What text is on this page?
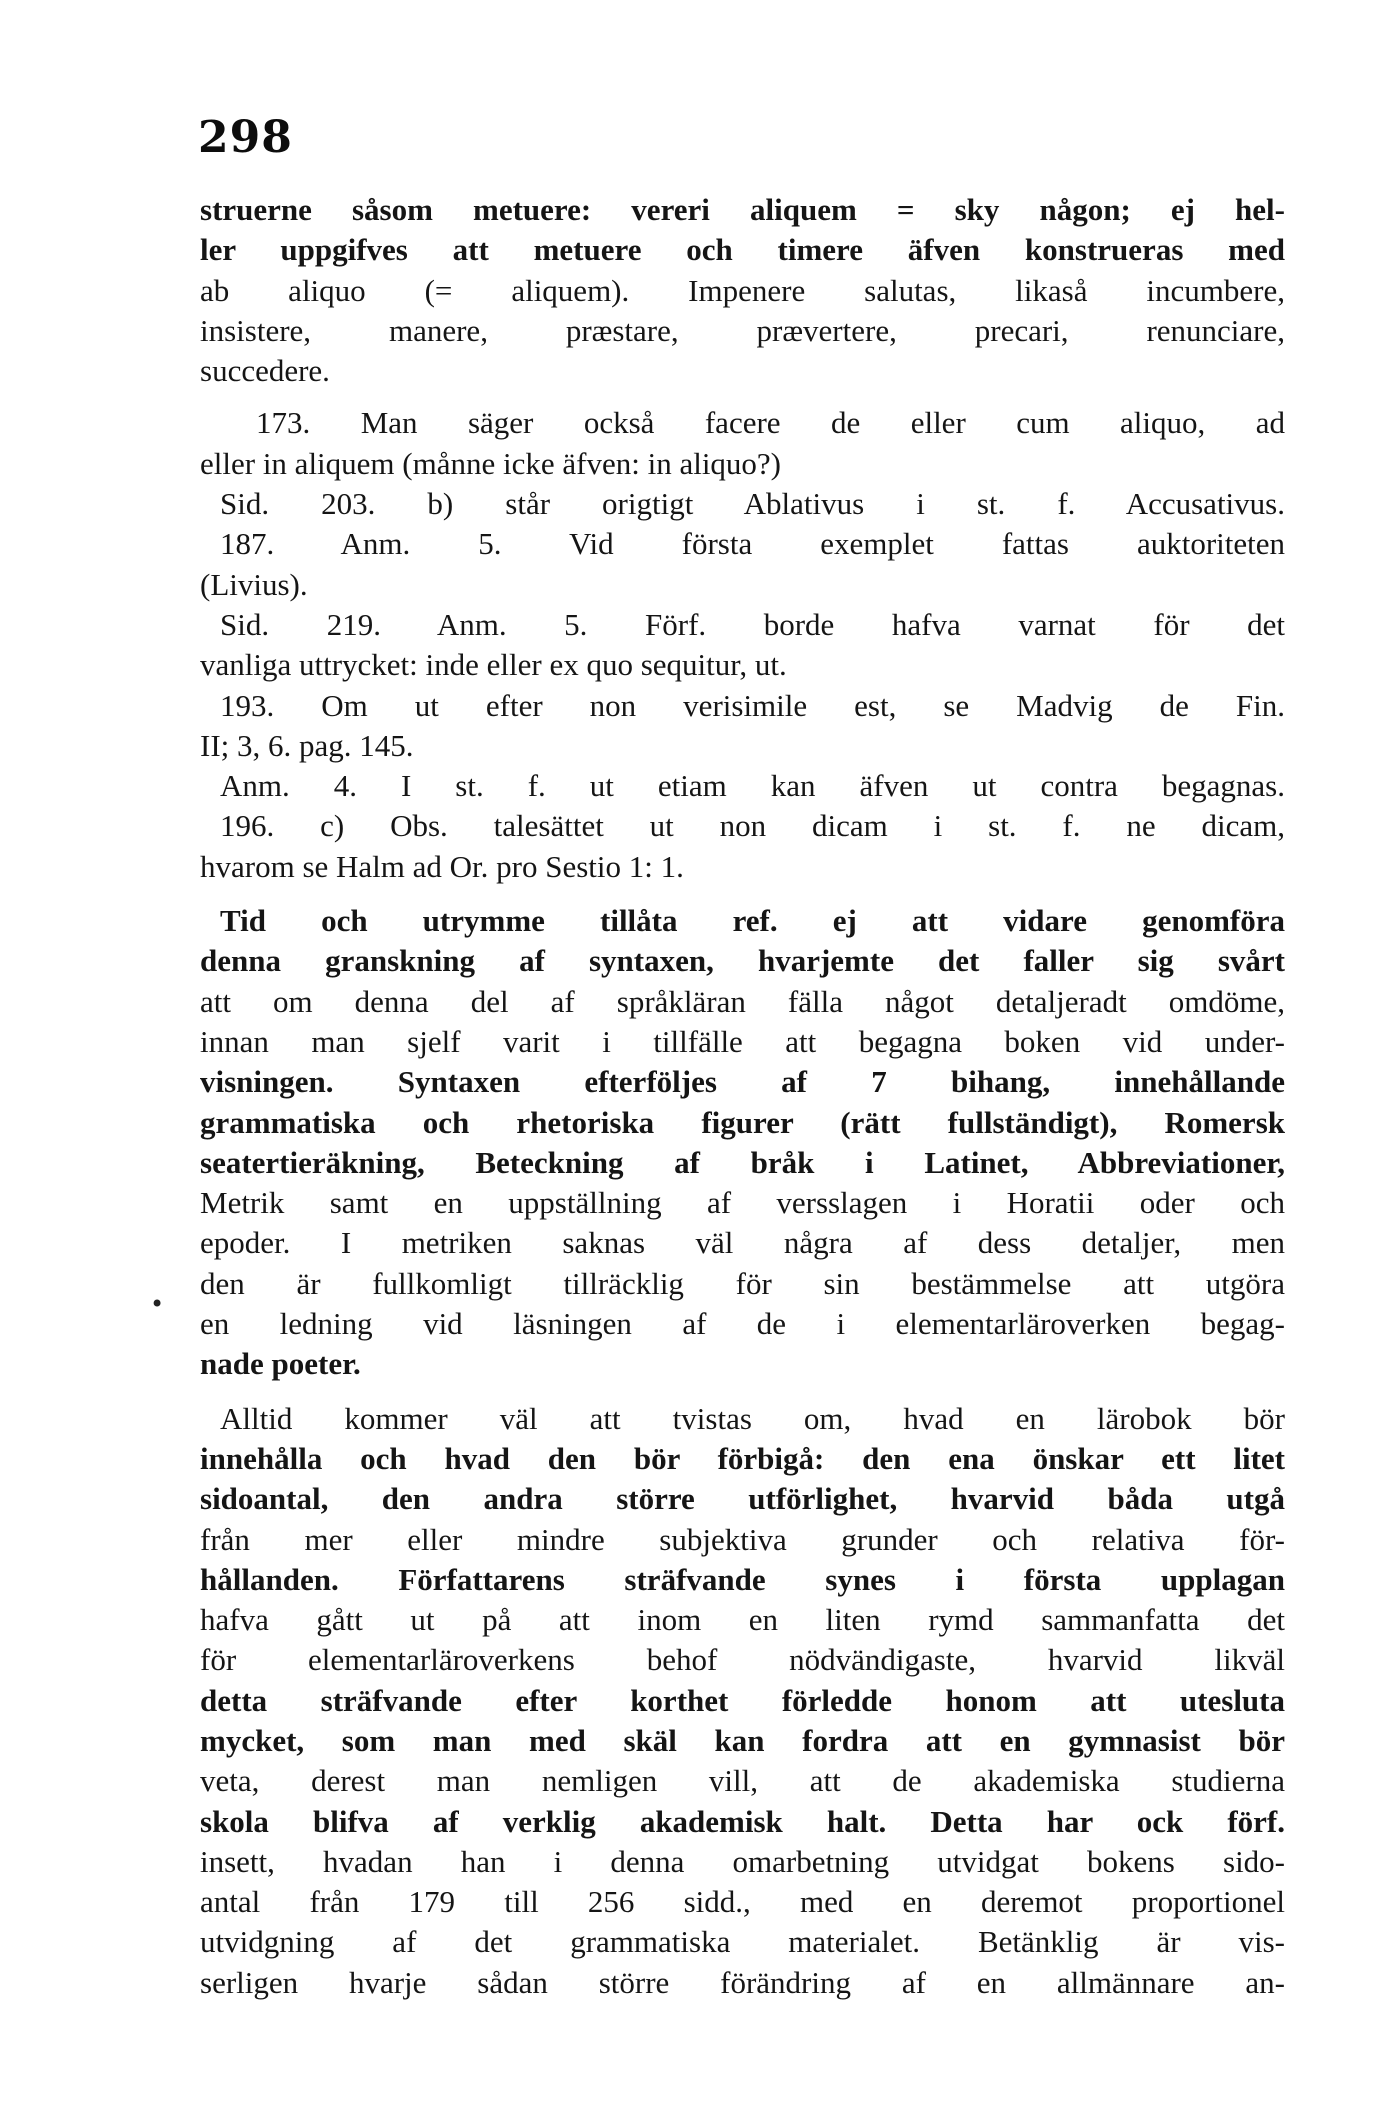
298
•
struerne såsom metuere: vereri aliquem = sky någon; ej hel-
ler uppgifves att metuere och timere äfven konstrueras med
ab aliquo (= aliquem). Impenere salutas, likaså incumbere,
insistere, manere, præstare, prævertere, precari, renunciare,
succedere.
173. Man säger också facere de eller cum aliquo, ad
eller in aliquem (månne icke äfven: in aliquo?)
Sid. 203. b) står origtigt Ablativus i st. f. Accusativus.
187. Anm. 5. Vid första exemplet fattas auktoriteten
(Livius).
Sid. 219. Anm. 5. Förf. borde hafva varnat för det
vanliga uttrycket: inde eller ex quo sequitur, ut.
193. Om ut efter non verisimile est, se Madvig de Fin.
II; 3, 6. pag. 145.
Anm. 4. I st. f. ut etiam kan äfven ut contra begagnas.
196. c) Obs. talesättet ut non dicam i st. f. ne dicam,
hvarom se Halm ad Or. pro Sestio 1: 1.
Tid och utrymme tillåta ref. ej att vidare genomföra
denna granskning af syntaxen, hvarjemte det faller sig svårt
att om denna del af språkläran fälla något detaljeradt omdöme,
innan man sjelf varit i tillfälle att begagna boken vid under-
visningen. Syntaxen efterföljes af 7 bihang, innehållande
grammatiska och rhetoriska figurer (rätt fullständigt), Romersk
seatertieräkning, Beteckning af bråk i Latinet, Abbreviationer,
Metrik samt en uppställning af versslagen i Horatii oder och
epoder. I metriken saknas väl några af dess detaljer, men
den är fullkomligt tillräcklig för sin bestämmelse att utgöra
en ledning vid läsningen af de i elementarläroverken begag-
nade poeter.
Alltid kommer väl att tvistas om, hvad en lärobok bör
innehålla och hvad den bör förbigå: den ena önskar ett litet
sidoantal, den andra större utförlighet, hvarvid båda utgå
från mer eller mindre subjektiva grunder och relativa för-
hållanden. Författarens sträfvande synes i första upplagan
hafva gått ut på att inom en liten rymd sammanfatta det
för elementarläroverkens behof nödvändigaste, hvarvid likväl
detta sträfvande efter korthet förledde honom att utesluta
mycket, som man med skäl kan fordra att en gymnasist bör
veta, derest man nemligen vill, att de akademiska studierna
skola blifva af verklig akademisk halt. Detta har ock förf.
insett, hvadan han i denna omarbetning utvidgat bokens sido-
antal från 179 till 256 sidd., med en deremot proportionel
utvidgning af det grammatiska materialet. Betänklig är vis-
serligen hvarje sådan större förändring af en allmännare an-
